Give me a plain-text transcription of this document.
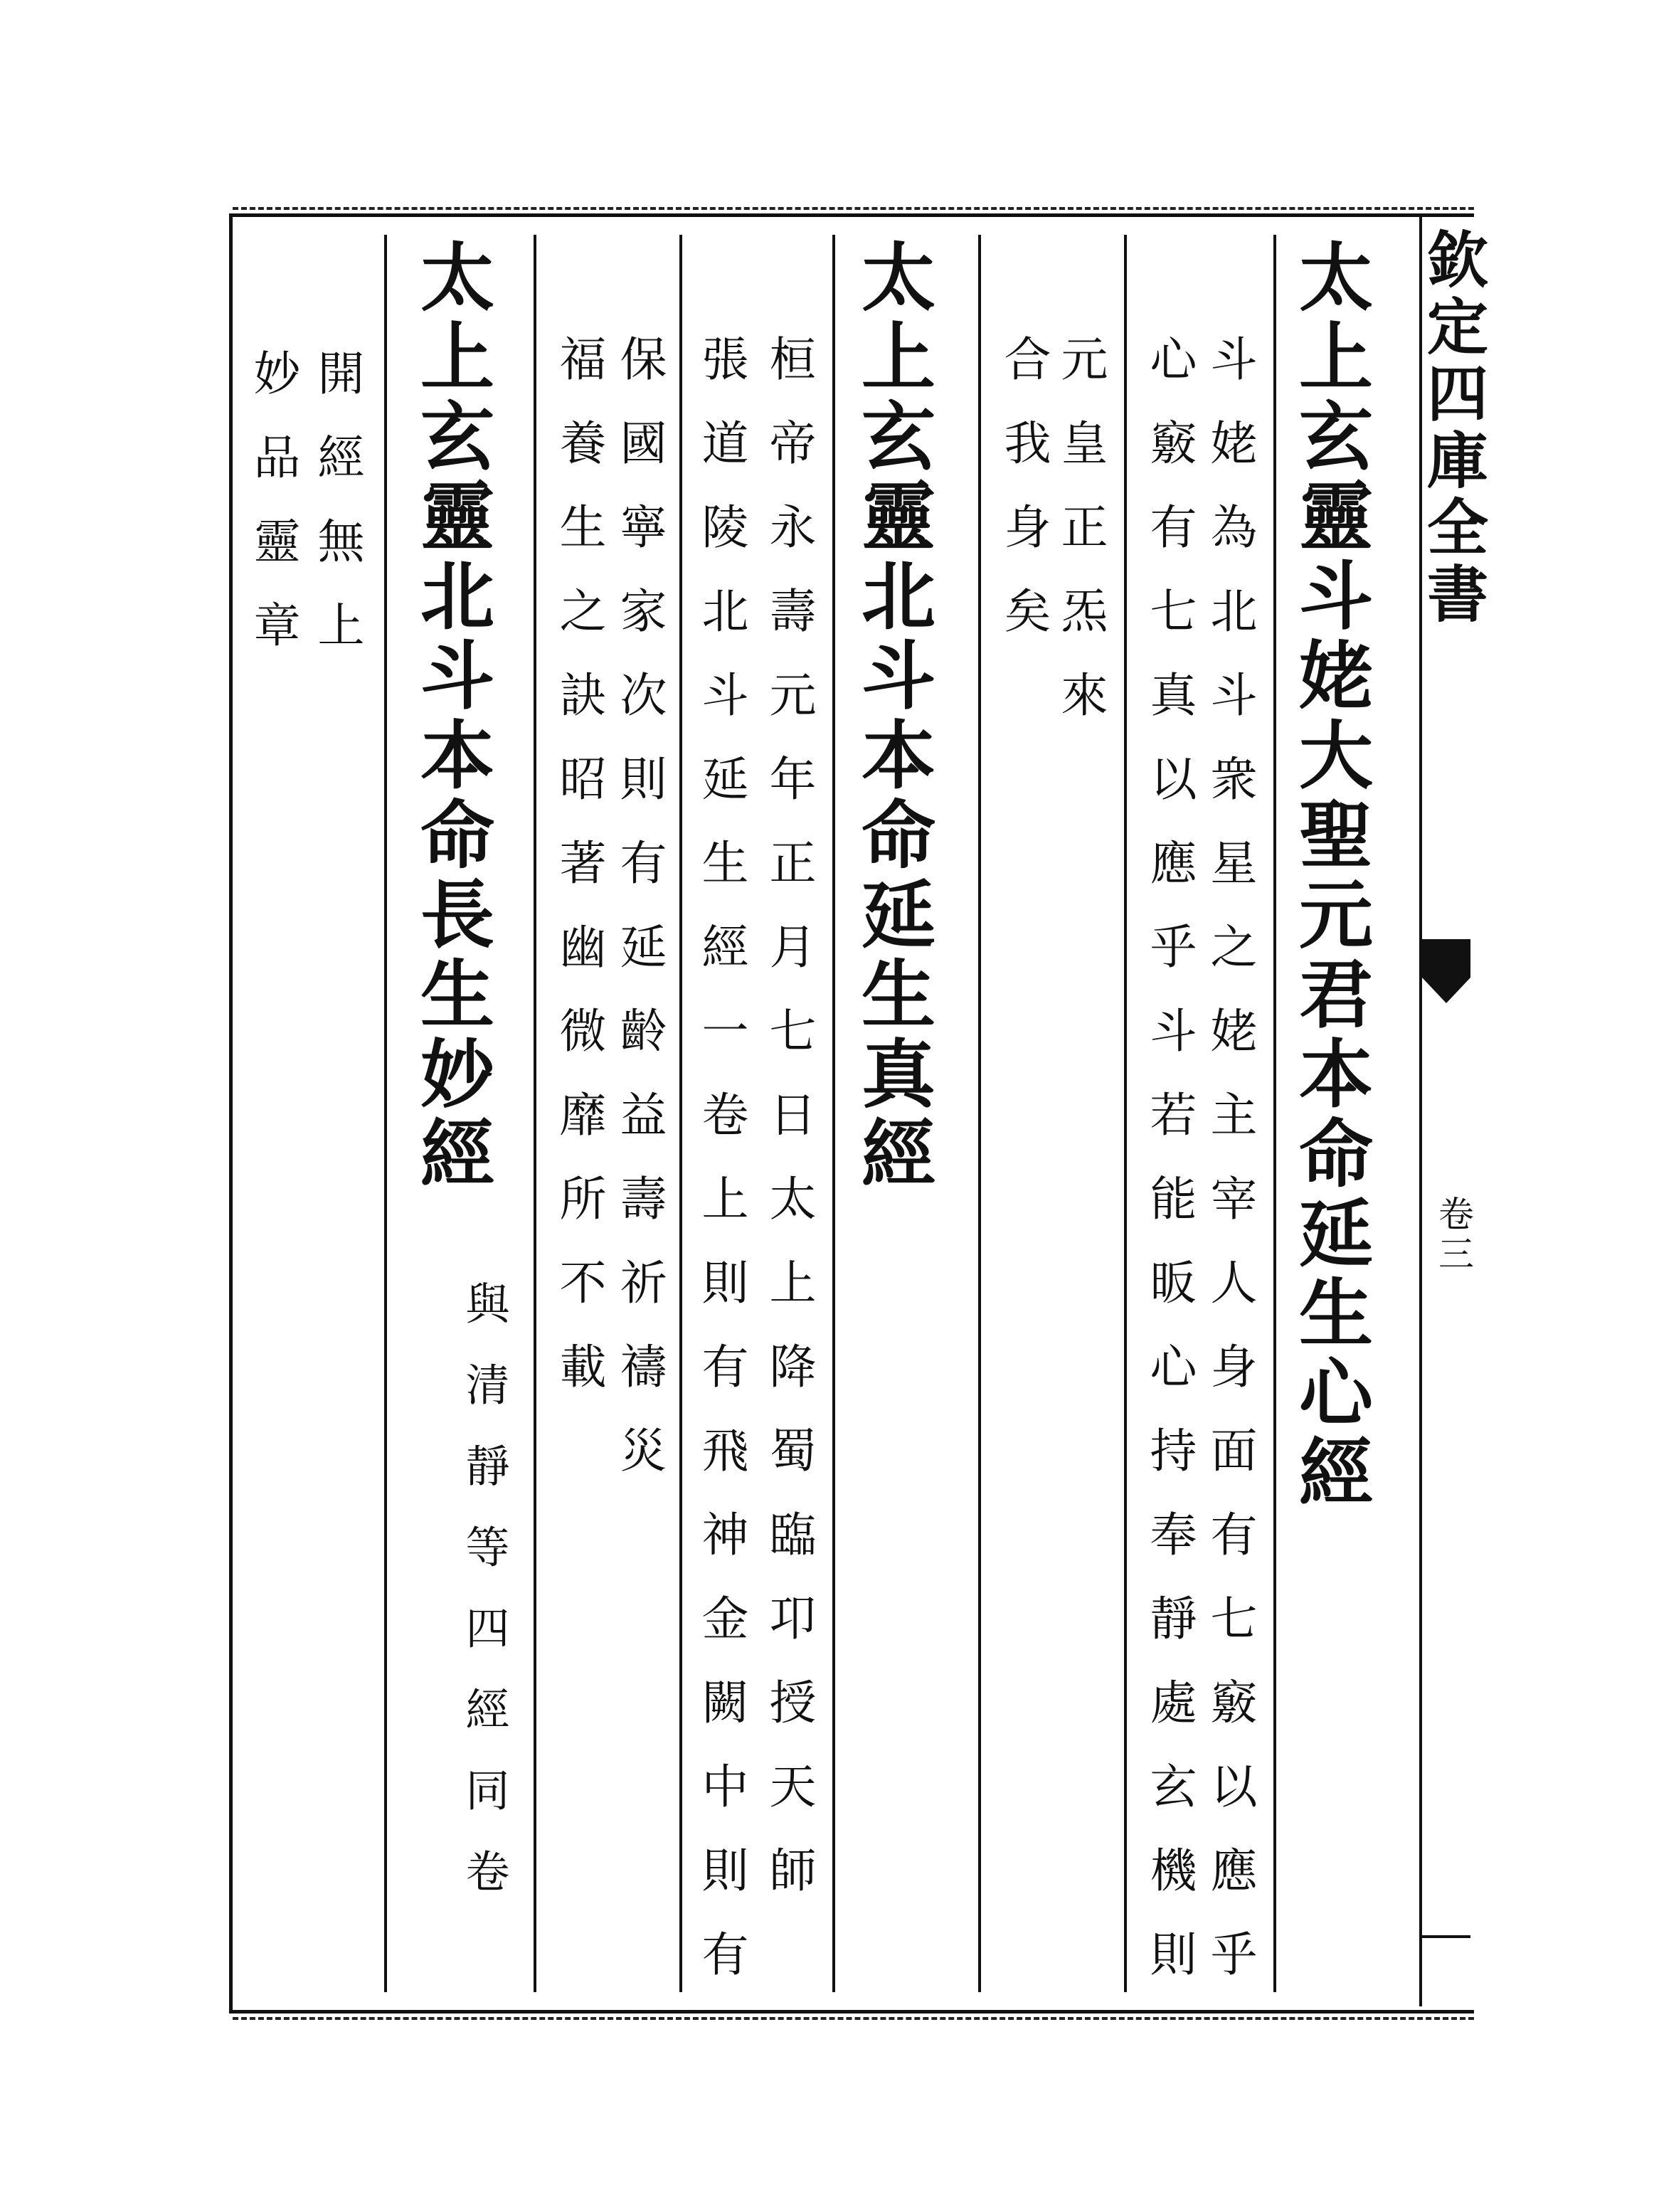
欽定四庫全書
卷三
太上玄靈斗姥大聖元君本命延生心經
斗姥為北斗衆星之姥主宰人身面有七竅以應乎
心竅有七真以應乎斗若能昄心持奉靜處玄機則
元皇正炁來
合我身矣
太上玄靈北斗本命延生真經
桓帝永壽元年正月七日太上降蜀臨卭授天師
張道陵北斗延生經一卷上則有飛神金闕中則有
保國寧家次則有延齡益壽祈禱災
福養生之訣昭著幽微靡所不載
太上玄靈北斗本命長生妙經
與清靜等四經同卷
開經無上
妙品靈章
